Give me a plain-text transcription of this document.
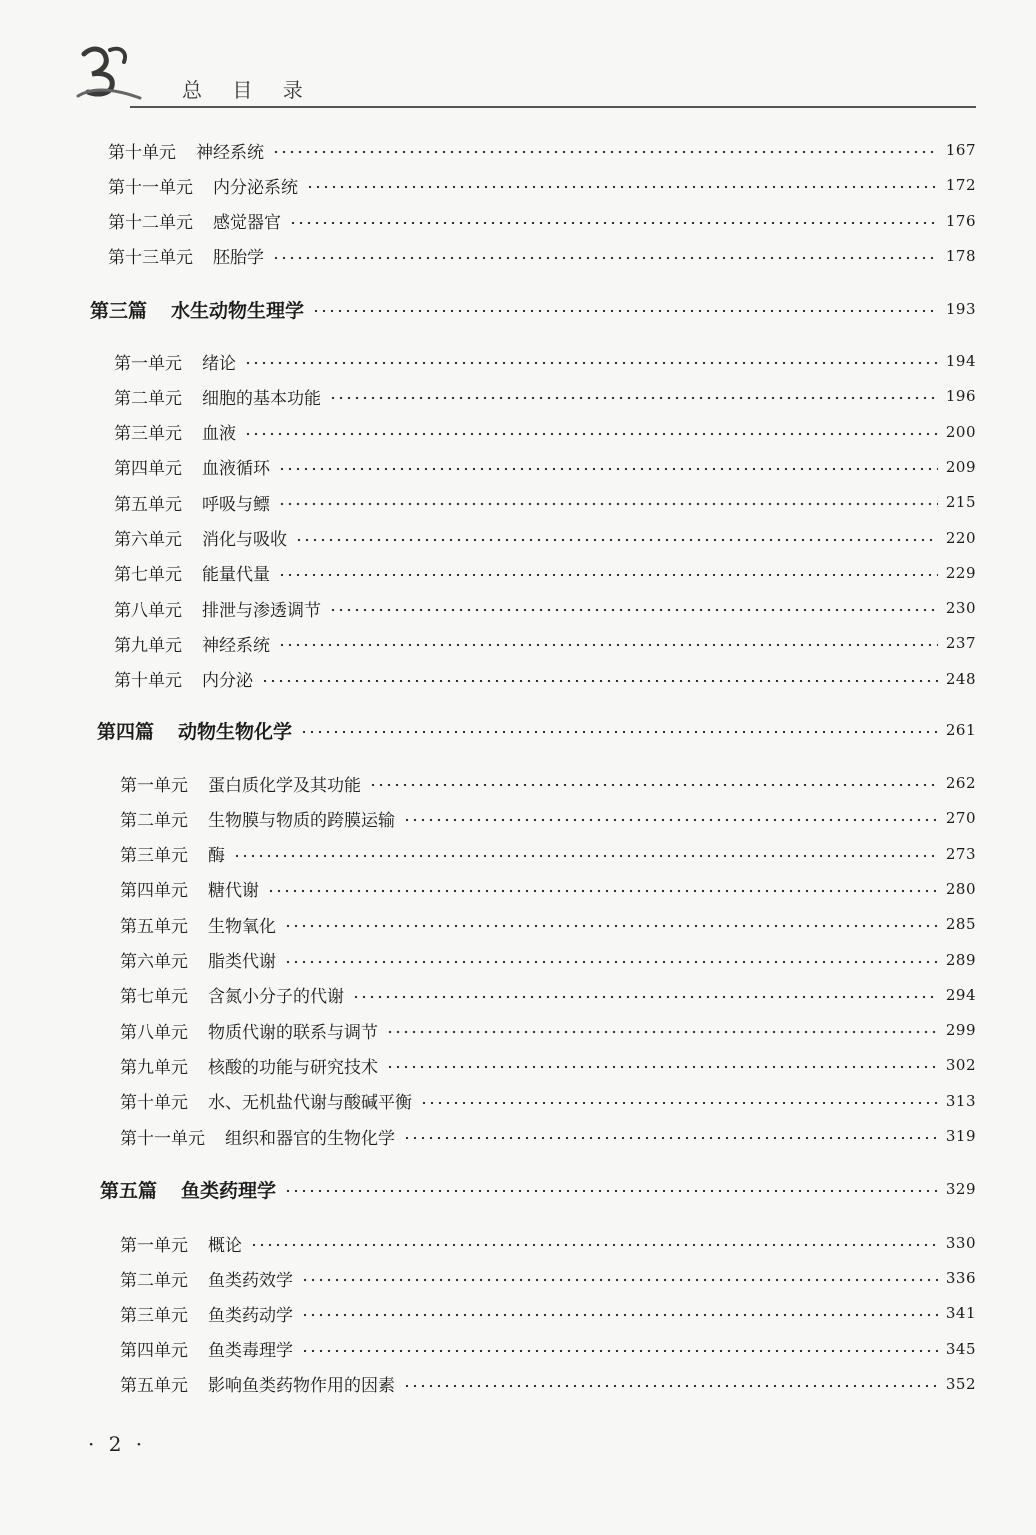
总 目 录
第十单元 神经系统	167
第十一单元 内分泌系统	172
第十二单元 感觉器官	176
第十三单元 胚胎学	178
第三篇 水生动物生理学	193
第一单元 绪论	194
第二单元 细胞的基本功能	196
第三单元 血液	200
第四单元 血液循环	209
第五单元 呼吸与鳔	215
第六单元 消化与吸收	220
第七单元 能量代量	229
第八单元 排泄与渗透调节	230
第九单元 神经系统	237
第十单元 内分泌	248
第四篇 动物生物化学	261
第一单元 蛋白质化学及其功能	262
第二单元 生物膜与物质的跨膜运输	270
第三单元 酶	273
第四单元 糖代谢	280
第五单元 生物氧化	285
第六单元 脂类代谢	289
第七单元 含氮小分子的代谢	294
第八单元 物质代谢的联系与调节	299
第九单元 核酸的功能与研究技术	302
第十单元 水、无机盐代谢与酸碱平衡	313
第十一单元 组织和器官的生物化学	319
第五篇 鱼类药理学	329
第一单元 概论	330
第二单元 鱼类药效学	336
第三单元 鱼类药动学	341
第四单元 鱼类毒理学	345
第五单元 影响鱼类药物作用的因素	352
· 2 ·
